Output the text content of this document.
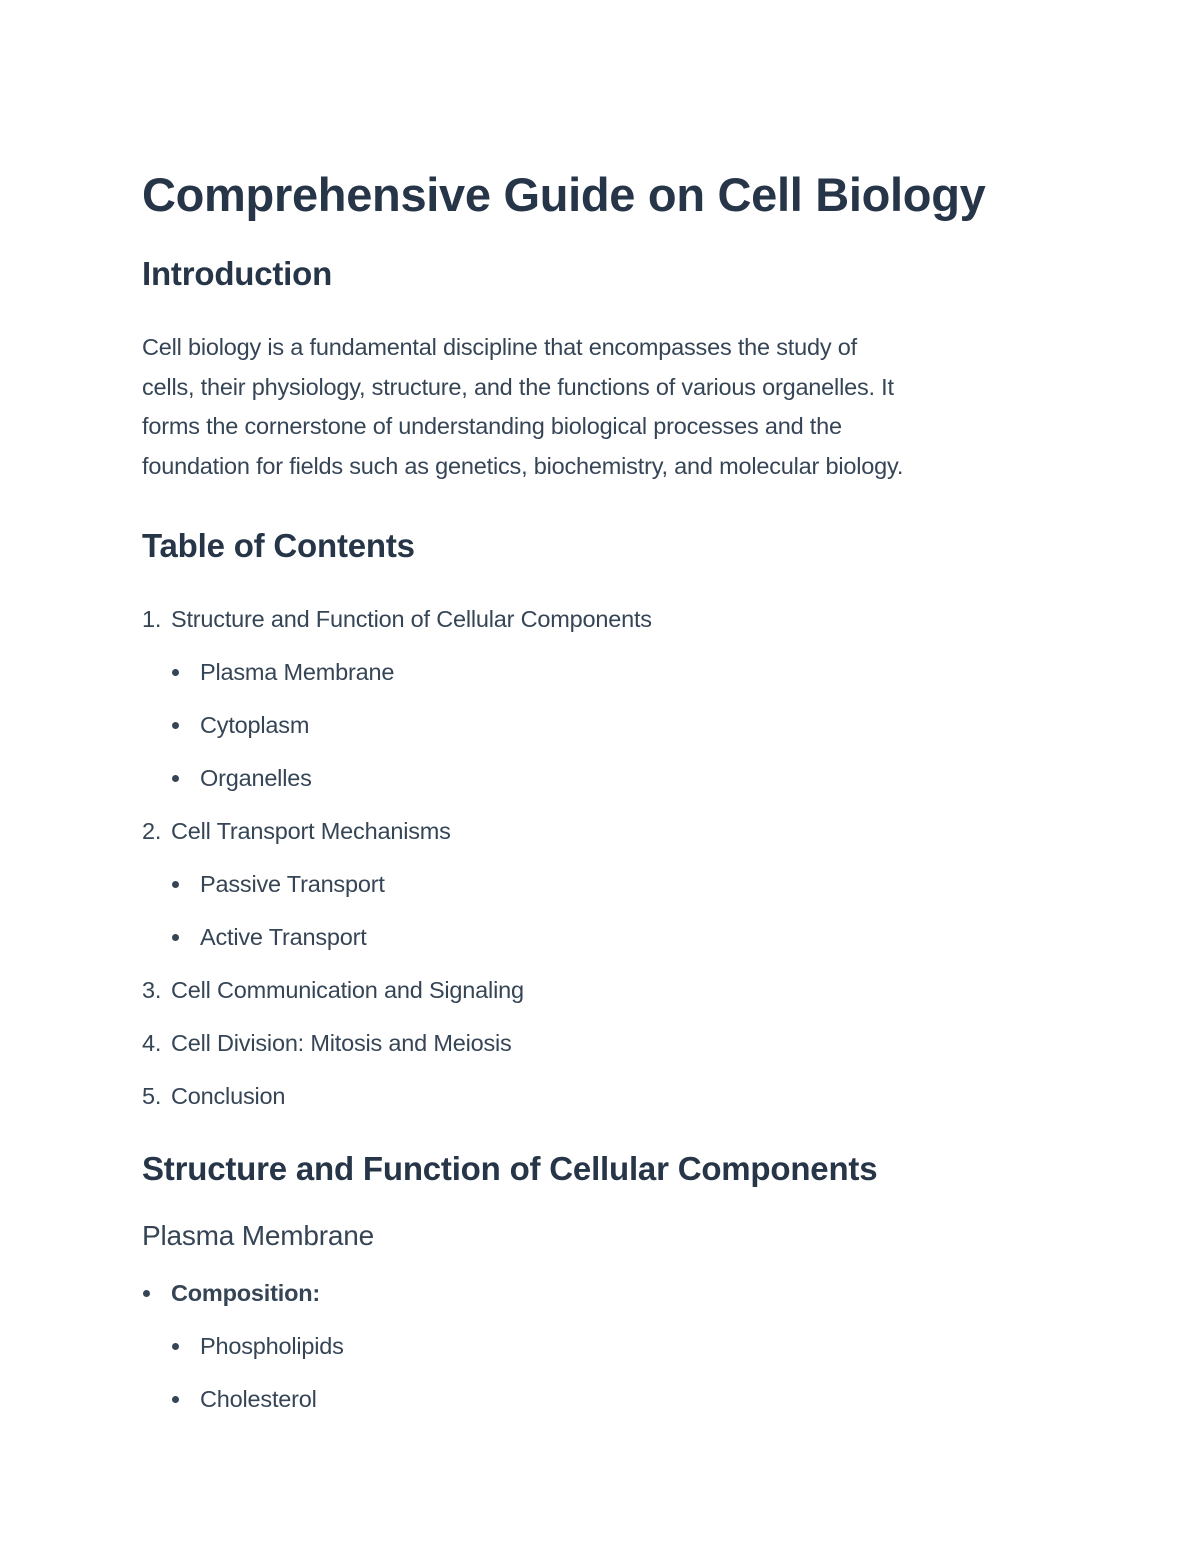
Comprehensive Guide on Cell Biology
Introduction

Cell biology is a fundamental discipline that encompasses the study of
cells, their physiology, structure, and the functions of various organelles. It
forms the cornerstone of understanding biological processes and the
foundation for fields such as genetics, biochemistry, and molecular biology.

Table of Contents
1. Structure and Function of Cellular Components
Plasma Membrane
Cytoplasm
Organelles
2. Cell Transport Mechanisms
Passive Transport
Active Transport
3. Cell Communication and Signaling
4. Cell Division: Mitosis and Meiosis
5. Conclusion
Structure and Function of Cellular Components
Plasma Membrane
Composition:
Phospholipids
Cholesterol
